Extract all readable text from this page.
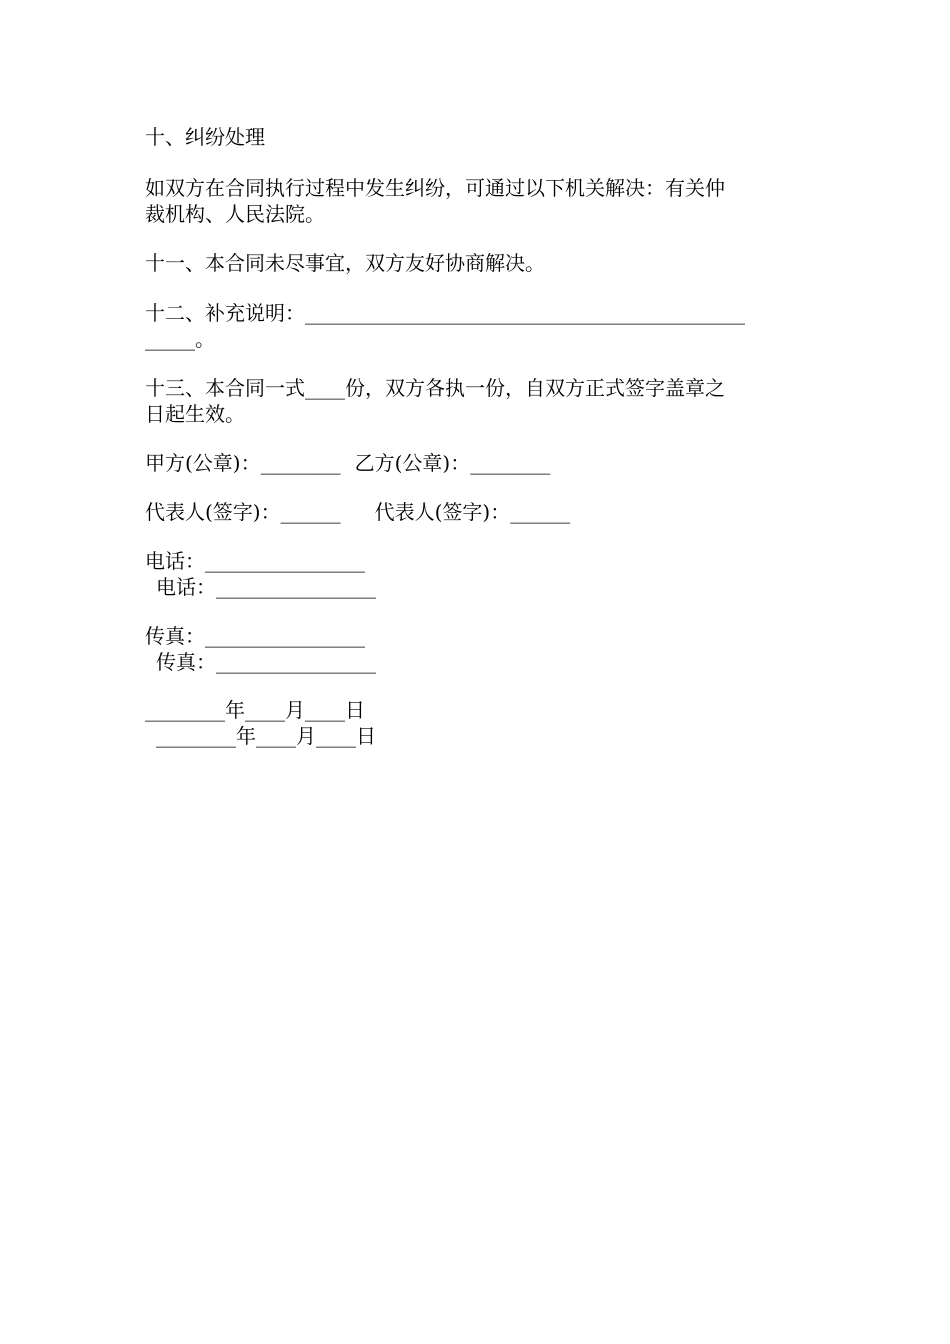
十、纠纷处理
如双方在合同执行过程中发生纠纷，可通过以下机关解决：有关仲
裁机构、人民法院。
十一、本合同未尽事宜，双方友好协商解决。
十二、补充说明：____________________________________________
_____。
十三、本合同一式____份，双方各执一份，自双方正式签字盖章之
日起生效。
甲方(公章)：________ 乙方(公章)：________
代表人(签字)：______ 代表人(签字)：______
电话：________________
电话：________________
传真：________________
传真：________________
________年____月____日
________年____月____日
